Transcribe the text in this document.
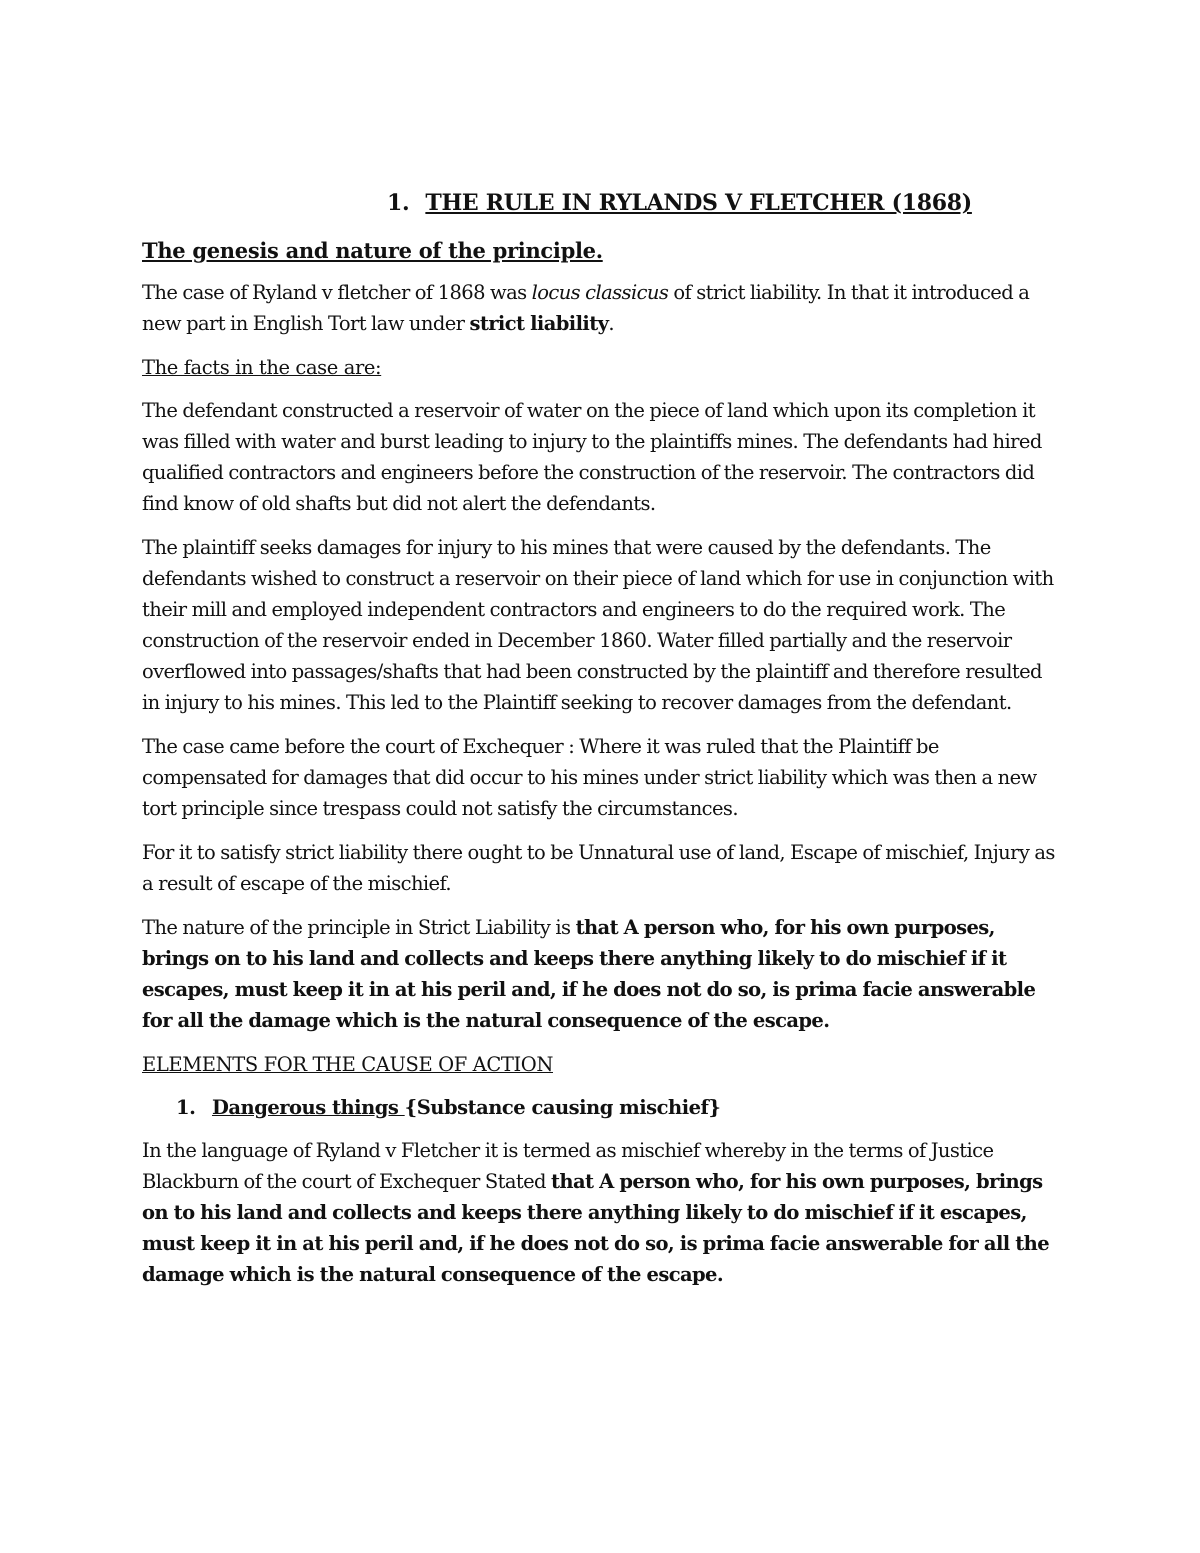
1. THE RULE IN RYLANDS V FLETCHER (1868)
The genesis and nature of the principle.

The case of Ryland v fletcher of 1868 was locus classicus of strict liability. In that it introduced a new part in English Tort law under strict liability.

The facts in the case are:

The defendant constructed a reservoir of water on the piece of land which upon its completion it was filled with water and burst leading to injury to the plaintiffs mines. The defendants had hired qualified contractors and engineers before the construction of the reservoir. The contractors did find know of old shafts but did not alert the defendants.

The plaintiff seeks damages for injury to his mines that were caused by the defendants. The defendants wished to construct a reservoir on their piece of land which for use in conjunction with their mill and employed independent contractors and engineers to do the required work. The construction of the reservoir ended in December 1860. Water filled partially and the reservoir overflowed into passages/shafts that had been constructed by the plaintiff and therefore resulted in injury to his mines. This led to the Plaintiff seeking to recover damages from the defendant.

The case came before the court of Exchequer : Where it was ruled that the Plaintiff be compensated for damages that did occur to his mines under strict liability which was then a new tort principle since trespass could not satisfy the circumstances.

For it to satisfy strict liability there ought to be Unnatural use of land, Escape of mischief, Injury as a result of escape of the mischief.

The nature of the principle in Strict Liability is that A person who, for his own purposes, brings on to his land and collects and keeps there anything likely to do mischief if it escapes, must keep it in at his peril and, if he does not do so, is prima facie answerable for all the damage which is the natural consequence of the escape.

ELEMENTS FOR THE CAUSE OF ACTION
1. Dangerous things {Substance causing mischief}

In the language of Ryland v Fletcher it is termed as mischief whereby in the terms of Justice Blackburn of the court of Exchequer Stated that A person who, for his own purposes, brings on to his land and collects and keeps there anything likely to do mischief if it escapes, must keep it in at his peril and, if he does not do so, is prima facie answerable for all the damage which is the natural consequence of the escape.
